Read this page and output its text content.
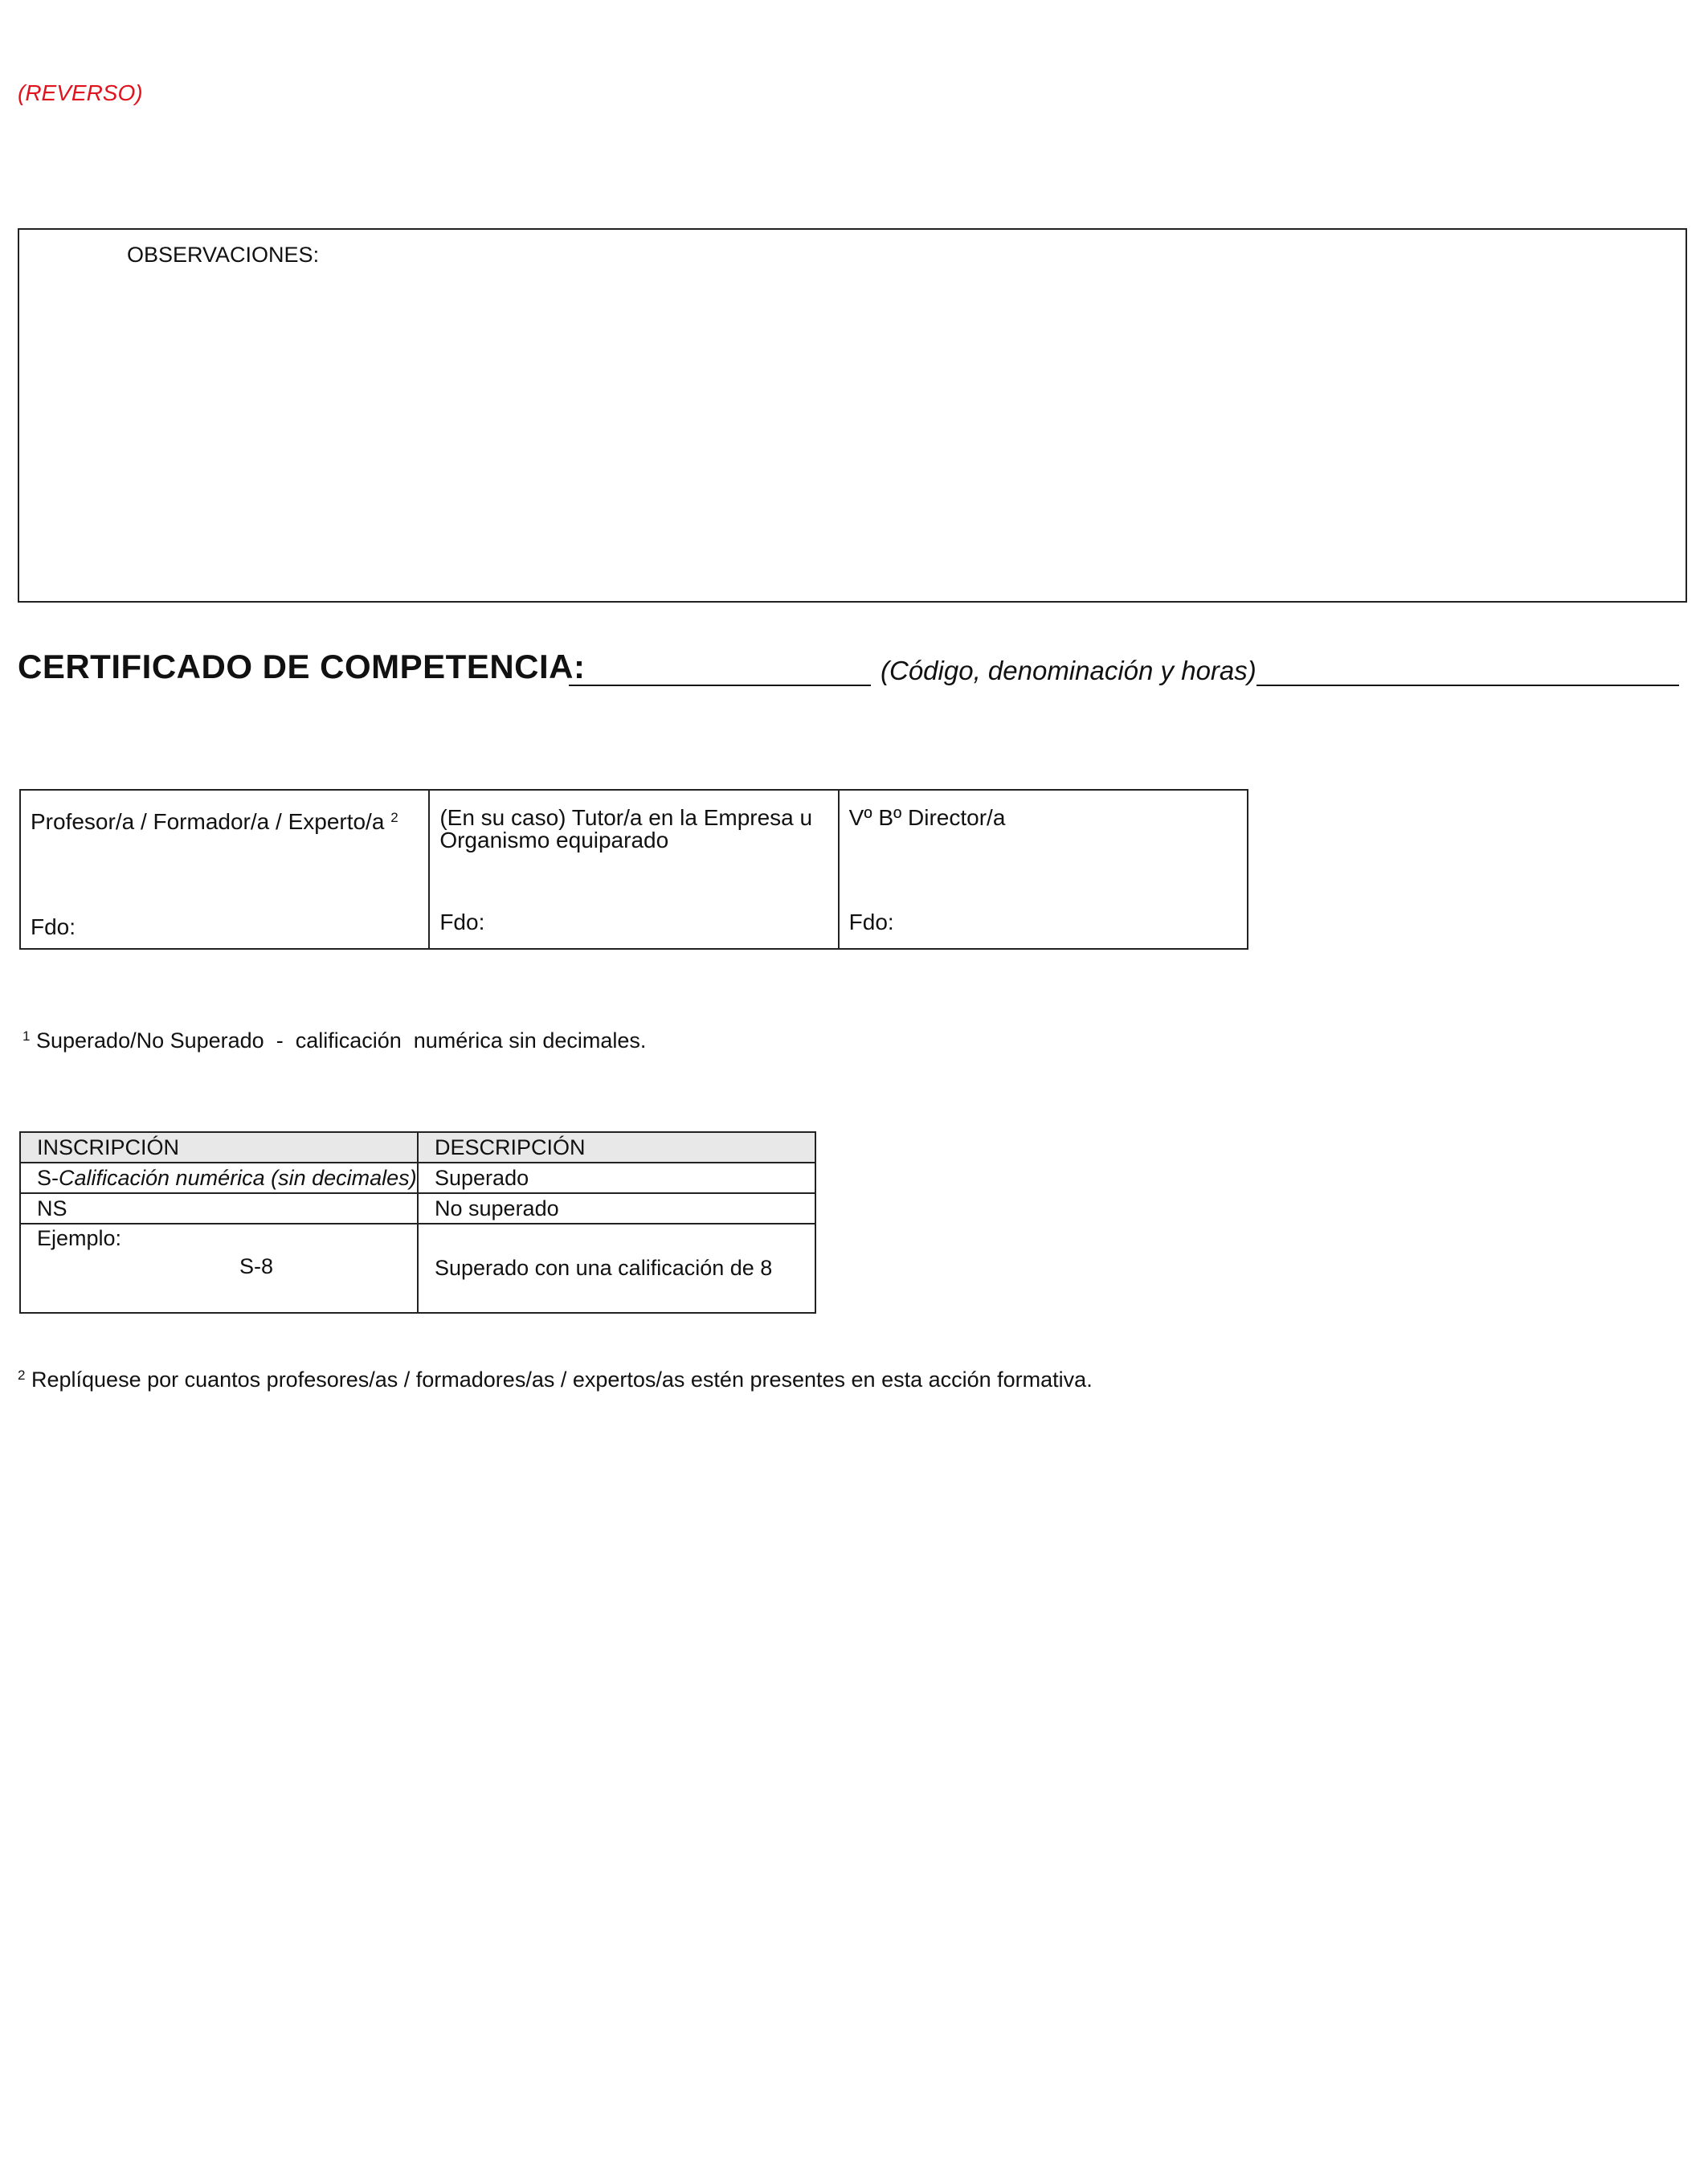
(REVERSO)
OBSERVACIONES:
CERTIFICADO DE COMPETENCIA:	(Código, denominación y horas)
Profesor/a / Formador/a / Experto/a $^2$
Fdo:

(En su caso) Tutor/a en la Empresa u
Organismo equiparado
Fdo:

Vº Bº Director/a
Fdo:
$^1$ Superado/No Superado  -  calificación  numérica sin decimales.
INSCRIPCIÓN	DESCRIPCIÓN
S-Calificación numérica (sin decimales)	Superado
NS	No superado
Ejemplo:
S-8	Superado con una calificación de 8
$^2$ Replíquese por cuantos profesores/as / formadores/as / expertos/as estén presentes en esta acción formativa.
